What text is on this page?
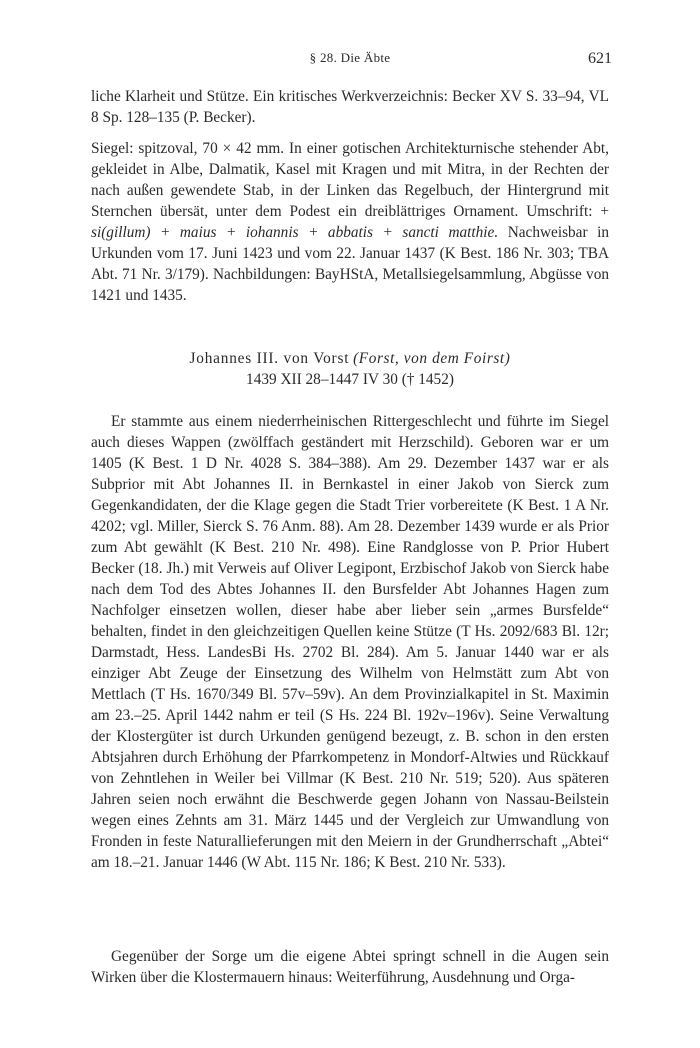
§ 28. Die Äbte	621

liche Klarheit und Stütze. Ein kritisches Werkverzeichnis: Becker XV S. 33–94, VL 8 Sp. 128–135 (P. Becker).

Siegel: spitzoval, 70 × 42 mm. In einer gotischen Architekturnische stehender Abt, gekleidet in Albe, Dalmatik, Kasel mit Kragen und mit Mitra, in der Rechten der nach außen gewendete Stab, in der Linken das Regelbuch, der Hintergrund mit Sternchen übersät, unter dem Podest ein dreiblättriges Ornament. Umschrift: + si(gillum) + maius + iohannis + abbatis + sancti matthie. Nachweisbar in Urkunden vom 17. Juni 1423 und vom 22. Januar 1437 (K Best. 186 Nr. 303; TBA Abt. 71 Nr. 3/179). Nachbildungen: BayHStA, Metallsiegelsammlung, Abgüsse von 1421 und 1435.

Johannes III. von Vorst (Forst, von dem Foirst)
1439 XII 28–1447 IV 30 († 1452)

Er stammte aus einem niederrheinischen Rittergeschlecht und führte im Siegel auch dieses Wappen (zwölffach geständert mit Herzschild). Geboren war er um 1405 (K Best. 1 D Nr. 4028 S. 384–388). Am 29. Dezember 1437 war er als Subprior mit Abt Johannes II. in Bernkastel in einer Jakob von Sierck zum Gegenkandidaten, der die Klage gegen die Stadt Trier vorbereitete (K Best. 1 A Nr. 4202; vgl. Miller, Sierck S. 76 Anm. 88). Am 28. Dezember 1439 wurde er als Prior zum Abt gewählt (K Best. 210 Nr. 498). Eine Randglosse von P. Prior Hubert Becker (18. Jh.) mit Verweis auf Oliver Legipont, Erzbischof Jakob von Sierck habe nach dem Tod des Abtes Johannes II. den Bursfelder Abt Johannes Hagen zum Nachfolger einsetzen wollen, dieser habe aber lieber sein „armes Bursfelde“ behalten, findet in den gleichzeitigen Quellen keine Stütze (T Hs. 2092/683 Bl. 12r; Darmstadt, Hess. LandesBi Hs. 2702 Bl. 284). Am 5. Januar 1440 war er als einziger Abt Zeuge der Einsetzung des Wilhelm von Helmstätt zum Abt von Mettlach (T Hs. 1670/349 Bl. 57v–59v). An dem Provinzialkapitel in St. Maximin am 23.–25. April 1442 nahm er teil (S Hs. 224 Bl. 192v–196v). Seine Verwaltung der Klostergüter ist durch Urkunden genügend bezeugt, z. B. schon in den ersten Abtsjahren durch Erhöhung der Pfarrkompetenz in Mondorf-Altwies und Rückkauf von Zehntlehen in Weiler bei Villmar (K Best. 210 Nr. 519; 520). Aus späteren Jahren seien noch erwähnt die Beschwerde gegen Johann von Nassau-Beilstein wegen eines Zehnts am 31. März 1445 und der Vergleich zur Umwandlung von Fronden in feste Naturallieferungen mit den Meiern in der Grundherrschaft „Abtei“ am 18.–21. Januar 1446 (W Abt. 115 Nr. 186; K Best. 210 Nr. 533).

Gegenüber der Sorge um die eigene Abtei springt schnell in die Augen sein Wirken über die Klostermauern hinaus: Weiterführung, Ausdehnung und Orga-
